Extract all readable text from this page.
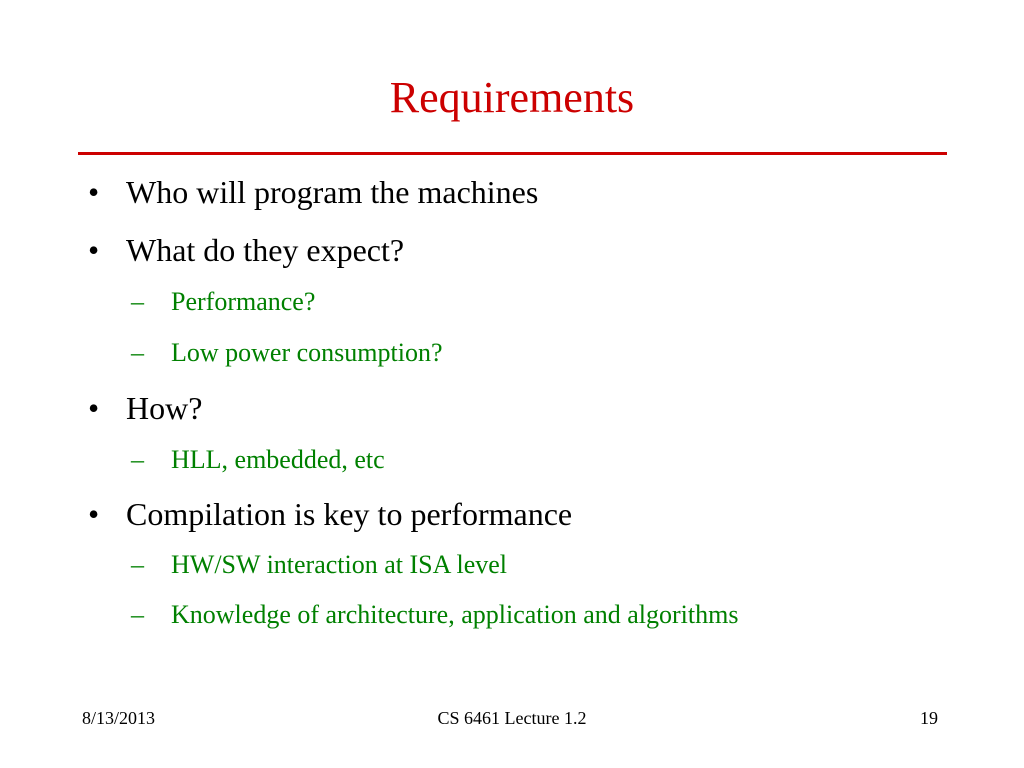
Requirements
• Who will program the machines
• What do they expect?
– Performance?
– Low power consumption?
• How?
– HLL, embedded, etc
• Compilation is key to performance
– HW/SW interaction at ISA level
– Knowledge of architecture, application and algorithms
8/13/2013	CS 6461 Lecture 1.2	19
